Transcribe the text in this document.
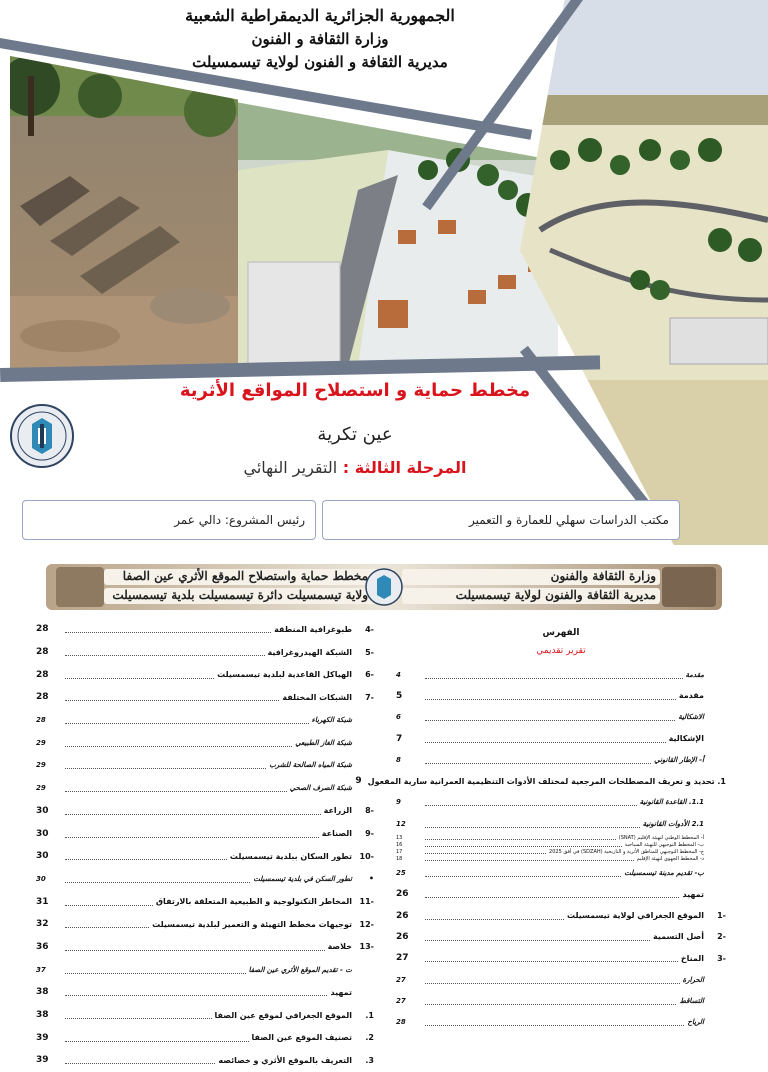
الجمهورية الجزائرية الديمقراطية الشعبية
وزارة الثقافة و الفنون
مديرية الثقافة و الفنون لولاية تيسمسيلت
مخطط حماية و استصلاح المواقع الأثرية
عين تكرية
المرحلة الثالثة : التقرير النهائي
مكتب الدراسات سهلي للعمارة و التعمير
رئيس المشروع: دالي عمر
مخطط حماية واستصلاح الموقع الأثري عين الصفا
ولاية تيسمسيلت دائرة تيسمسيلت بلدية تيسمسيلت
وزارة الثقافة والفنون
مديرية الثقافة والفنون لولاية تيسمسيلت
الفهرس
تقرير تقديمي
مقدمة
4
مقدمة
5
الاشكالية
6
الإشكالية
7
أ- الإطار القانوني
8
1. تحديد و تعريف المصطلحات المرجعية لمختلف الأدوات التنظيمية العمرانية سارية المفعول
9
1.1. القاعدة القانونية
9
2.1 الأدوات القانونية
12
أ- المخطط الوطني لتهيئة الإقليم (SNAT)
13
ب- المخطط التوجيهي للتهيئة السياحية
16
ج- المخطط التوجيهي للمناطق الأثرية و التاريخية (SDZAH) في أفق 2025
17
د- المخطط الجهوي لتهيئة الإقليم
18
ب- تقديم مدينة تيسمسيلت
25
تمهيد
26
-1
الموقع الجغرافي لولاية تيسمسيلت
26
-2
أصل التسمية
26
-3
المناخ
27
الحرارة
27
التساقط
27
الرياح
28
-4
طبوغرافية المنطقة
28
-5
الشبكة الهيدروغرافية
28
-6
الهياكل القاعدية لبلدية تيسمسيلت
28
-7
الشبكات المختلفة
28
شبكة الكهرباء
28
شبكة الغاز الطبيعي
29
شبكة المياه الصالحة للشرب
29
شبكة الصرف الصحي
29
-8
الزراعة
30
-9
الصناعة
30
-10
تطور السكان ببلدية تيسمسيلت
30
•
تطور السكن في بلدية تيسمسيلت
30
-11
المخاطر التكنولوجية و الطبيعية المتعلقة بالارتفاق
31
-12
توجيهات مخطط التهيئة و التعمير لبلدية تيسمسيلت
32
-13
خلاصة
36
ت - تقديم الموقع الأثري عين الصفا
37
تمهيد
38
1.
الموقع الجغرافي لموقع عين الصفا
38
2.
تصنيف الموقع عين الصفا
39
3.
التعريف بالموقع الأثري و خصائصه
39
